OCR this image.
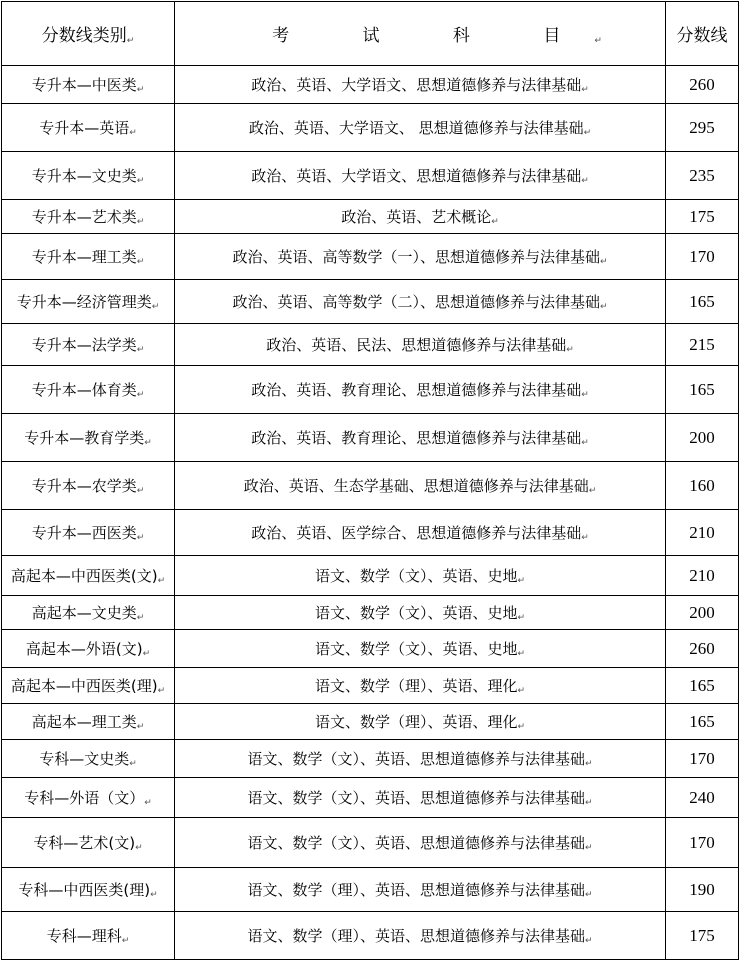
分数线类别↵	考 试 科 目↵	分数线
专升本—中医类↵	政治、英语、大学语文、思想道德修养与法律基础↵	260
专升本—英语↵	政治、英语、大学语文、 思想道德修养与法律基础↵	295
专升本—文史类↵	政治、英语、大学语文、思想道德修养与法律基础↵	235
专升本—艺术类↵	政治、英语、艺术概论↵	175
专升本—理工类↵	政治、英语、高等数学（一）、思想道德修养与法律基础↵	170
专升本—经济管理类↵	政治、英语、高等数学（二）、思想道德修养与法律基础↵	165
专升本—法学类↵	政治、英语、民法、思想道德修养与法律基础↵	215
专升本—体育类↵	政治、英语、教育理论、思想道德修养与法律基础↵	165
专升本—教育学类↵	政治、英语、教育理论、思想道德修养与法律基础↵	200
专升本—农学类↵	政治、英语、生态学基础、思想道德修养与法律基础↵	160
专升本—西医类↵	政治、英语、医学综合、思想道德修养与法律基础↵	210
高起本—中西医类(文)↵	语文、数学（文）、英语、史地↵	210
高起本—文史类↵	语文、数学（文）、英语、史地↵	200
高起本—外语(文)↵	语文、数学（文）、英语、史地↵	260
高起本—中西医类(理)↵	语文、数学（理）、英语、理化↵	165
高起本—理工类↵	语文、数学（理）、英语、理化↵	165
专科—文史类↵	语文、数学（文）、英语、思想道德修养与法律基础↵	170
专科—外语（文）↵	语文、数学（文）、英语、思想道德修养与法律基础↵	240
专科—艺术(文)↵	语文、数学（文）、英语、思想道德修养与法律基础↵	170
专科—中西医类(理)↵	语文、数学（理）、英语、思想道德修养与法律基础↵	190
专科—理科↵	语文、数学（理）、英语、思想道德修养与法律基础↵	175
